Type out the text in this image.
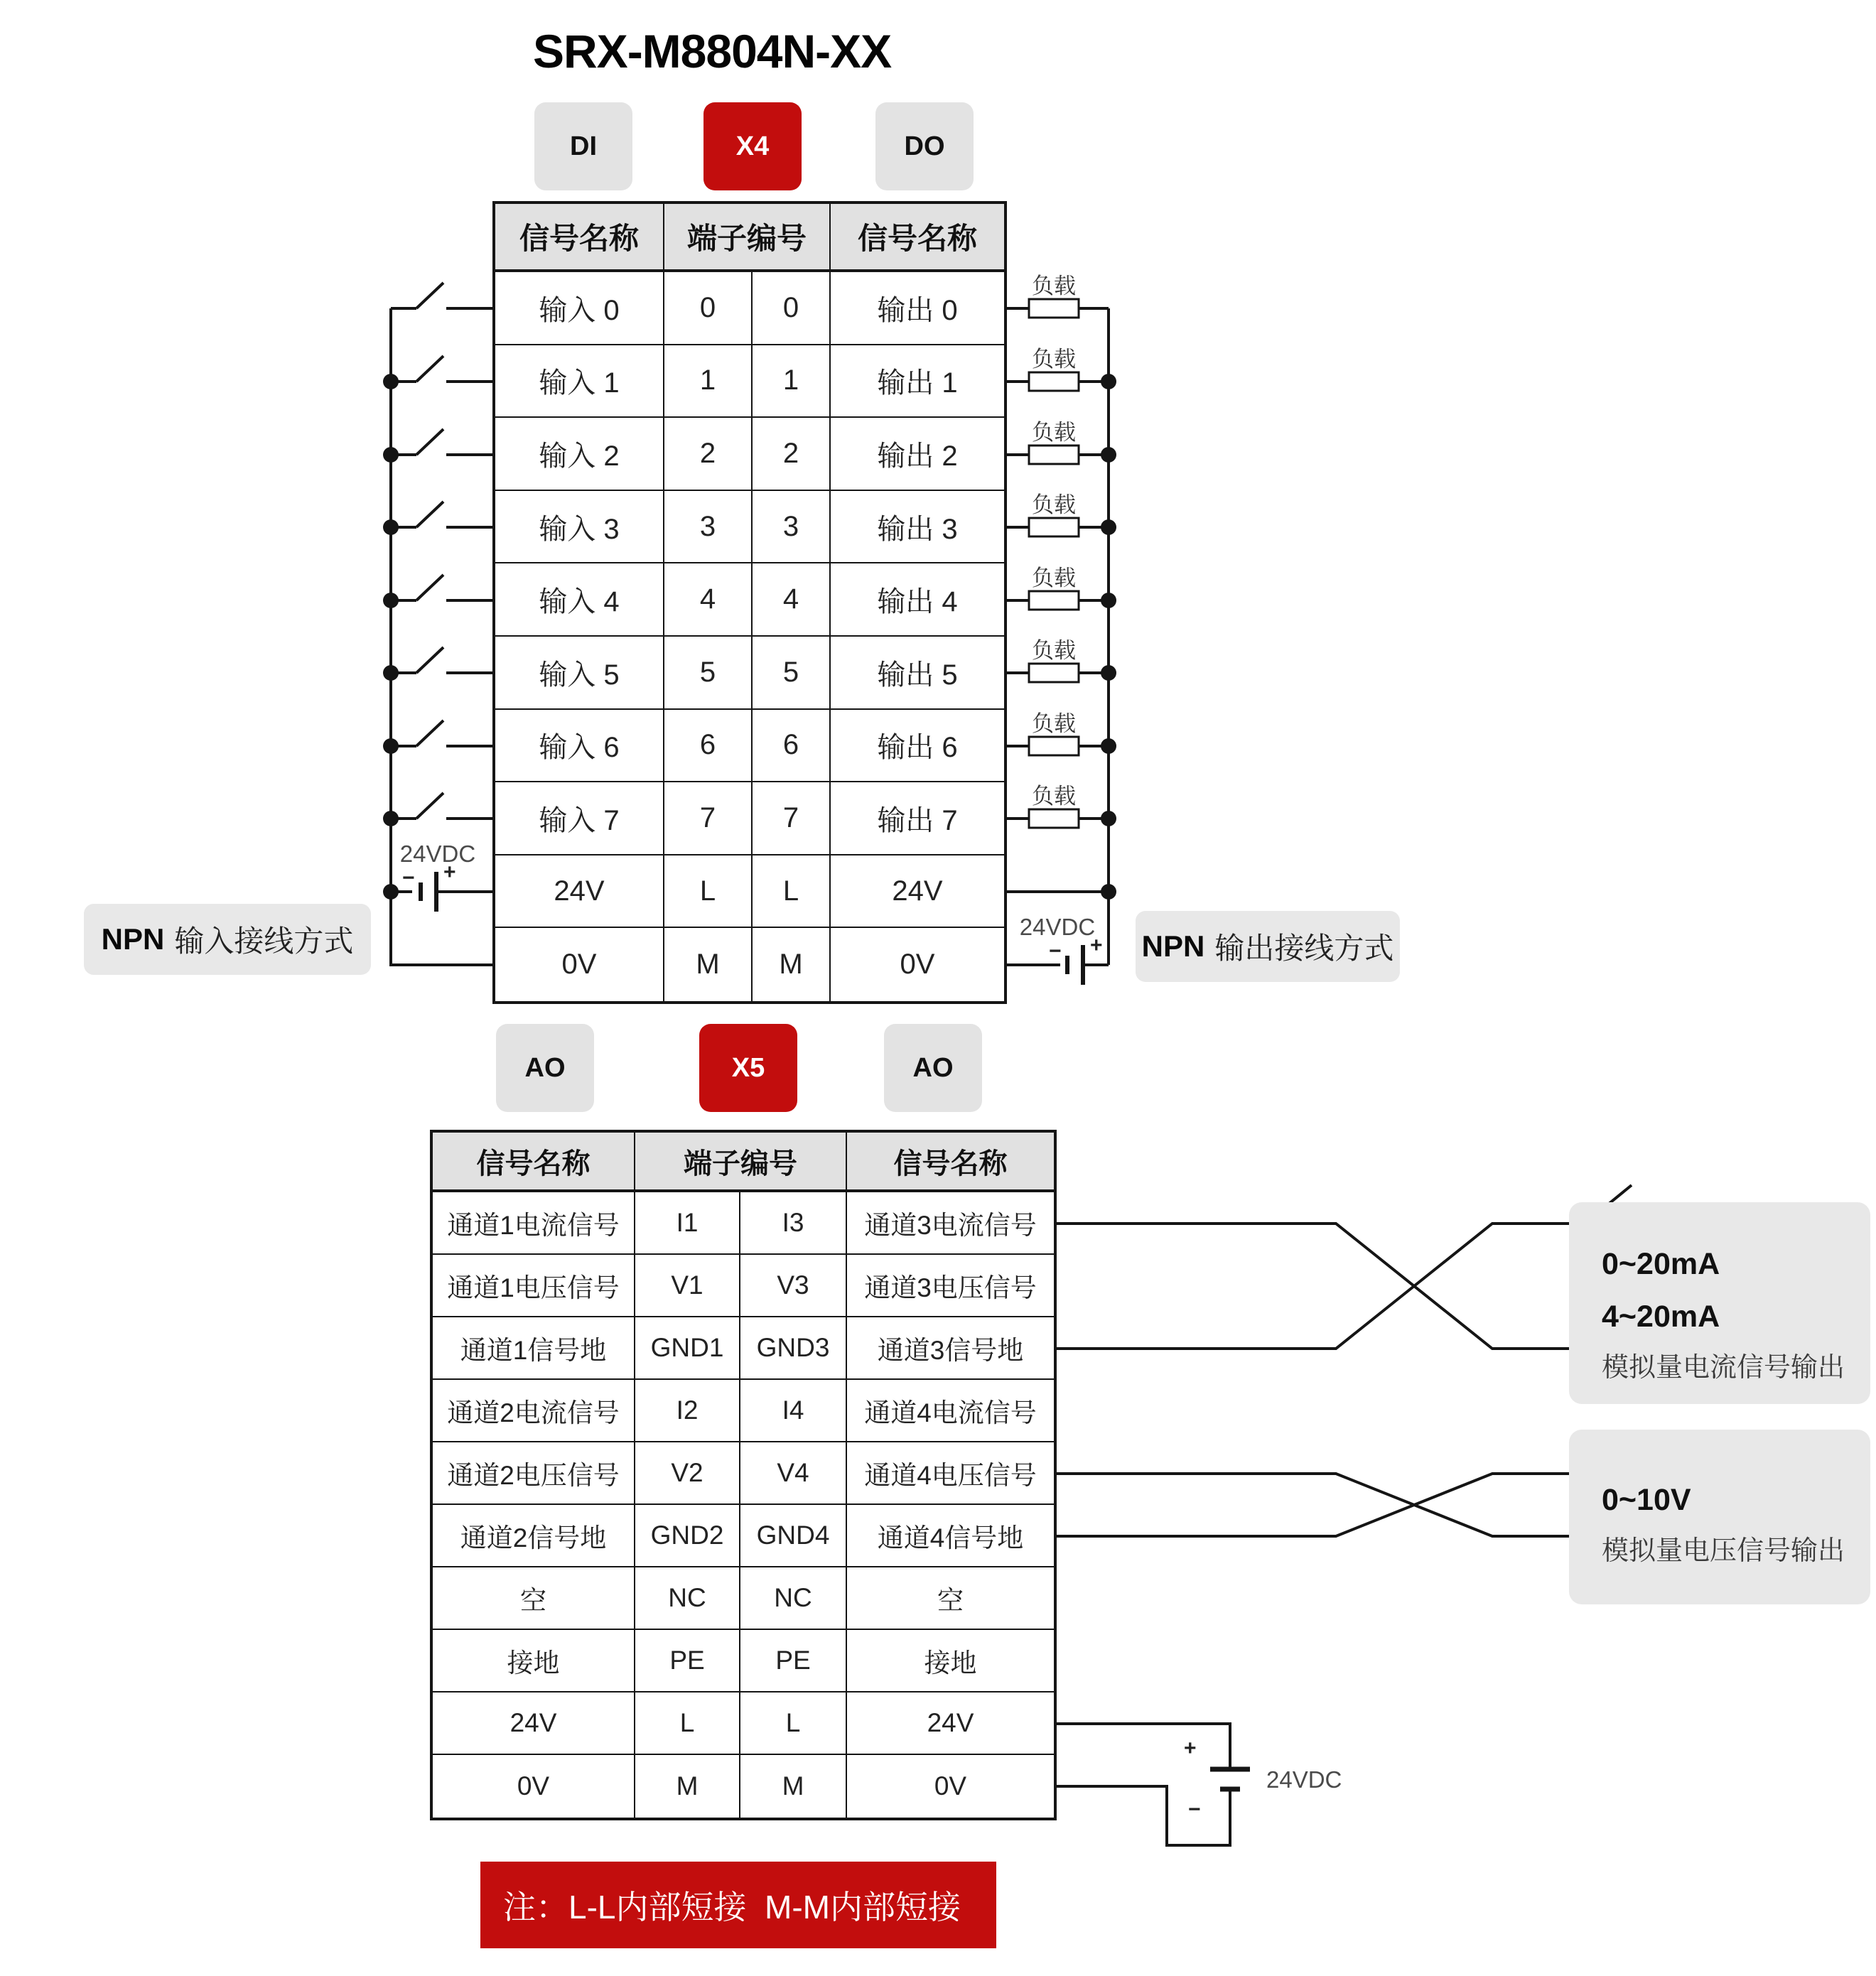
SRX-M8804N-XX
DI	X4	DO
信号名称	端子编号	信号名称
输入 0	0	0	输出 0
输入 1	1	1	输出 1
输入 2	2	2	输出 2
输入 3	3	3	输出 3
输入 4	4	4	输出 4
输入 5	5	5	输出 5
输入 6	6	6	输出 6
输入 7	7	7	输出 7
24V	L	L	24V
0V	M	M	0V
负载
负载
负载
负载
负载
负载
负载
负载
24VDC
− +
24VDC
− +
NPN 输入接线方式	NPN 输出接线方式
AO	X5	AO
信号名称	端子编号	信号名称
通道1电流信号	I1	I3	通道3电流信号
通道1电压信号	V1	V3	通道3电压信号
通道1信号地	GND1	GND3	通道3信号地
通道2电流信号	I2	I4	通道4电流信号
通道2电压信号	V2	V4	通道4电压信号
通道2信号地	GND2	GND4	通道4信号地
空	NC	NC	空
接地	PE	PE	接地
24V	L	L	24V
0V	M	M	0V
0~20mA
4~20mA
模拟量电流信号输出
0~10V
模拟量电压信号输出
+
−
24VDC
注：L-L内部短接  M-M内部短接
